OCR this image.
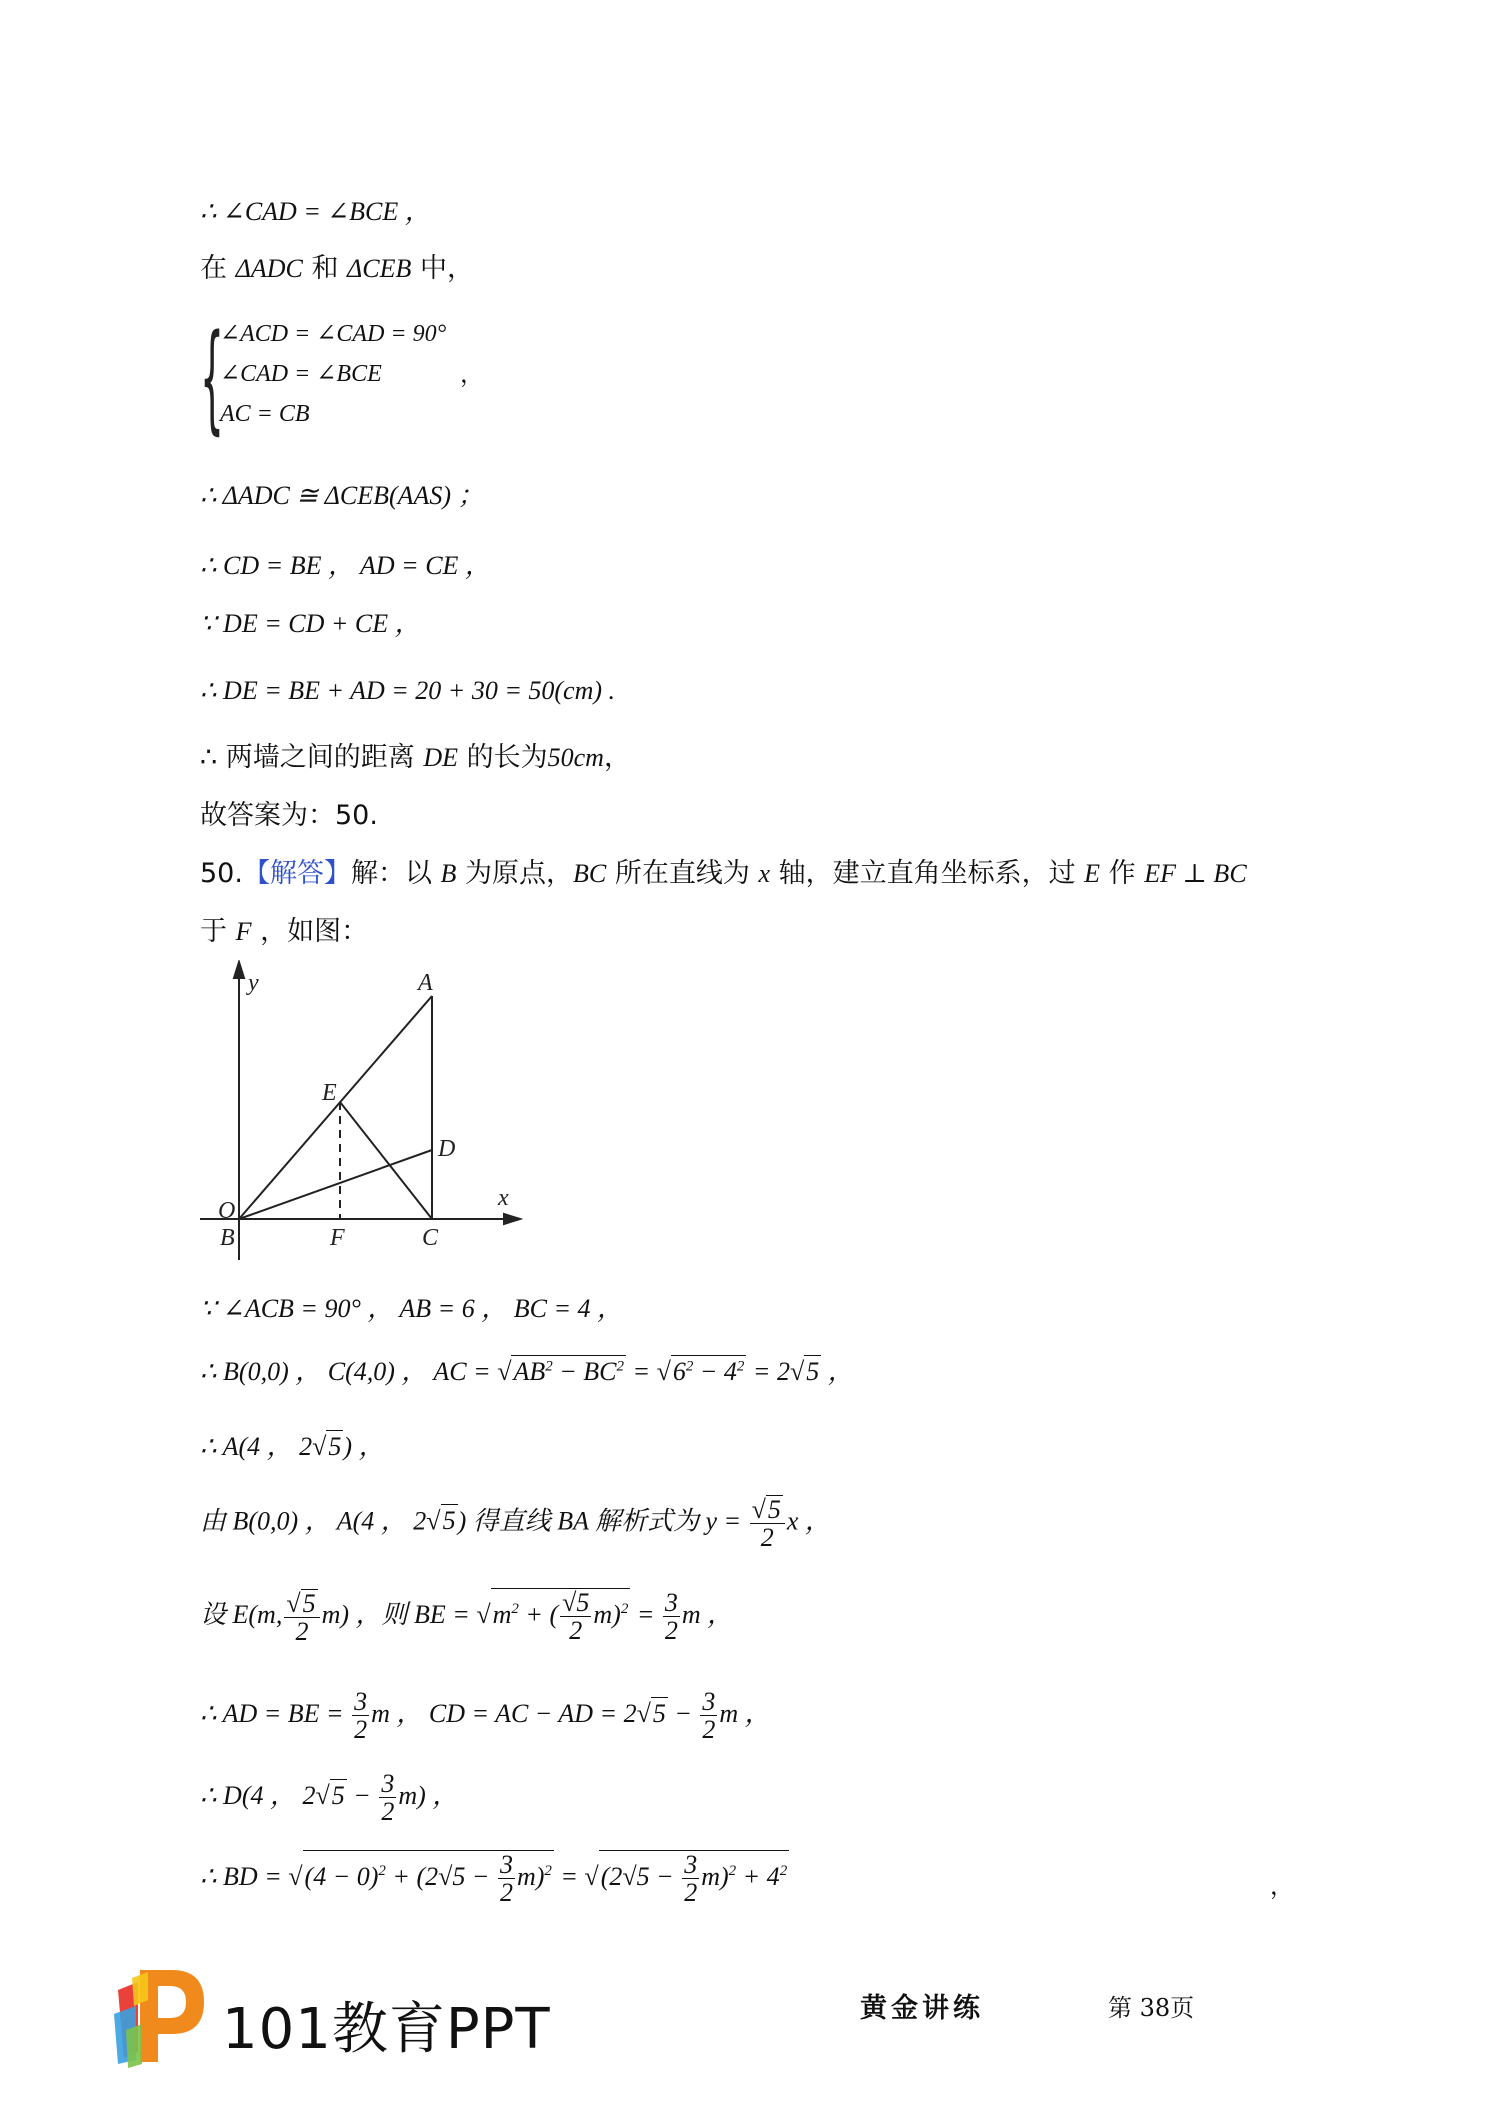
∴ ∠CAD = ∠BCE ，
在 ΔADC 和 ΔCEB 中，
{
∠ACD = ∠CAD = 90°
∠CAD = ∠BCE
AC = CB
，
∴ ΔADC ≅ ΔCEB(AAS) ；
∴ CD = BE ， AD = CE ，
∵ DE = CD + CE ，
∴ DE = BE + AD = 20 + 30 = 50(cm) .
∴ 两墙之间的距离 DE 的长为50cm，
故答案为：50.
50.【解答】解：以 B 为原点，BC 所在直线为 x 轴，建立直角坐标系，过 E 作 EF ⊥ BC
于 F ，如图：
y
x
A
E
D
O
B	F	C
∵ ∠ACB = 90° ， AB = 6 ， BC = 4 ，
∴ B(0,0) ， C(4,0) ， AC = $√AB^2 - BC^2 = √6^2 - 4^2 = 2√5$ ，
∴ A(4 ， 2√5) ，
由 B(0,0) ， A(4 ， 2√5) 得直线 BA 解析式为 $y = \frac{√5}{2}$ x ，
设 E(m, $\frac{√5}{2} m$) ，则 BE = $√m^2$ + ( $\frac{√5}{2} m)^2 = \frac{3}{2}$ m ，
∴ AD = BE = $\frac{3}{2}$ m ， CD = AC − AD = $2√5 - \frac{3}{2}$ m ，
∴ D(4 ， $2√5 - \frac{3}{2} m$) ，
∴ BD = $√(4 - 0)^2 + (2√5 - \frac{3}{2} m)^2 = √(2√5 - \frac{3}{2} m)^2 + 4^2$
，
101教育PPT	黄金讲练	第 38页
